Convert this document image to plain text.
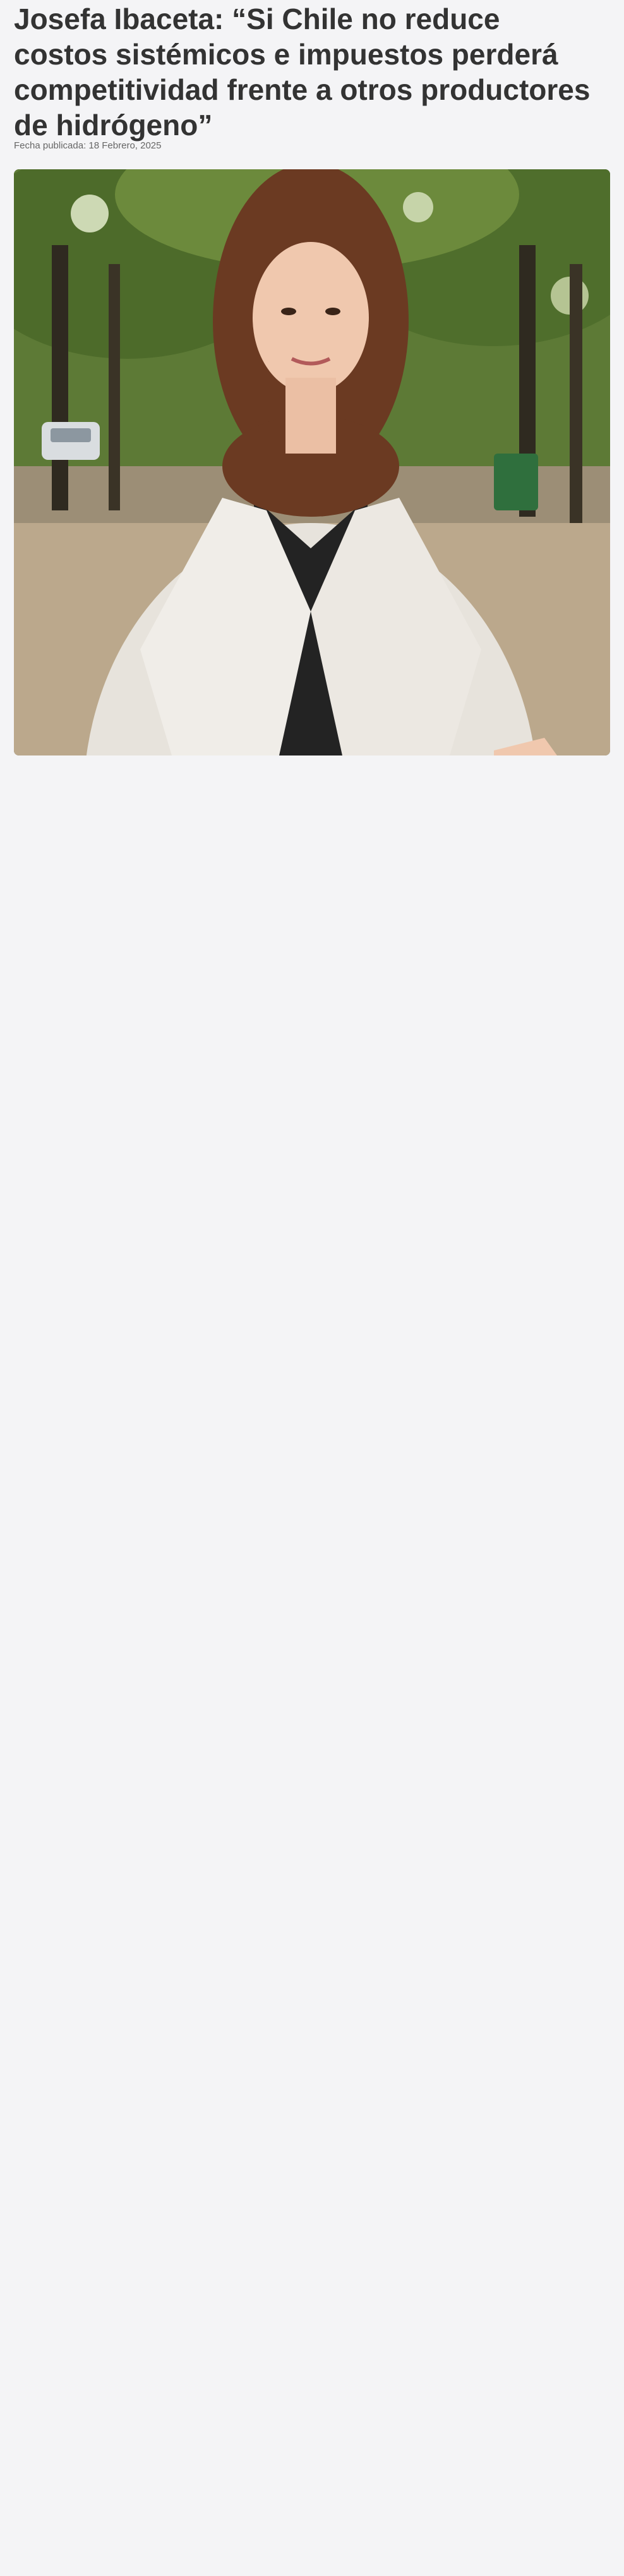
Josefa Ibaceta: “Si Chile no reduce costos sistémicos e impuestos perderá competitividad frente a otros productores de hidrógeno”

Fecha publicada: 18 Febrero, 2025
